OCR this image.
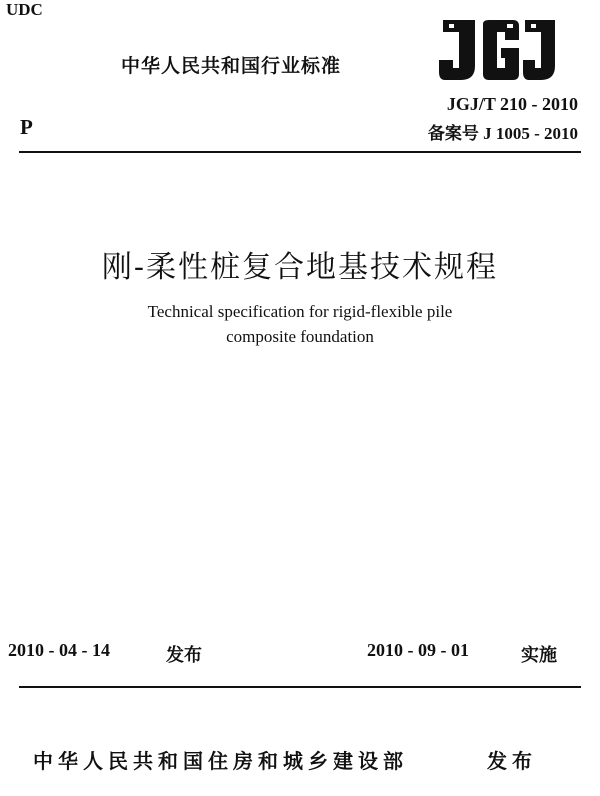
UDC
中华人民共和国行业标准
P
JGJ/T 210 - 2010
备案号 J 1005 - 2010
刚-柔性桩复合地基技术规程
Technical specification for rigid-flexible pile
composite foundation
2010 - 04 - 14	发布	2010 - 09 - 01	实施
中华人民共和国住房和城乡建设部	发布
